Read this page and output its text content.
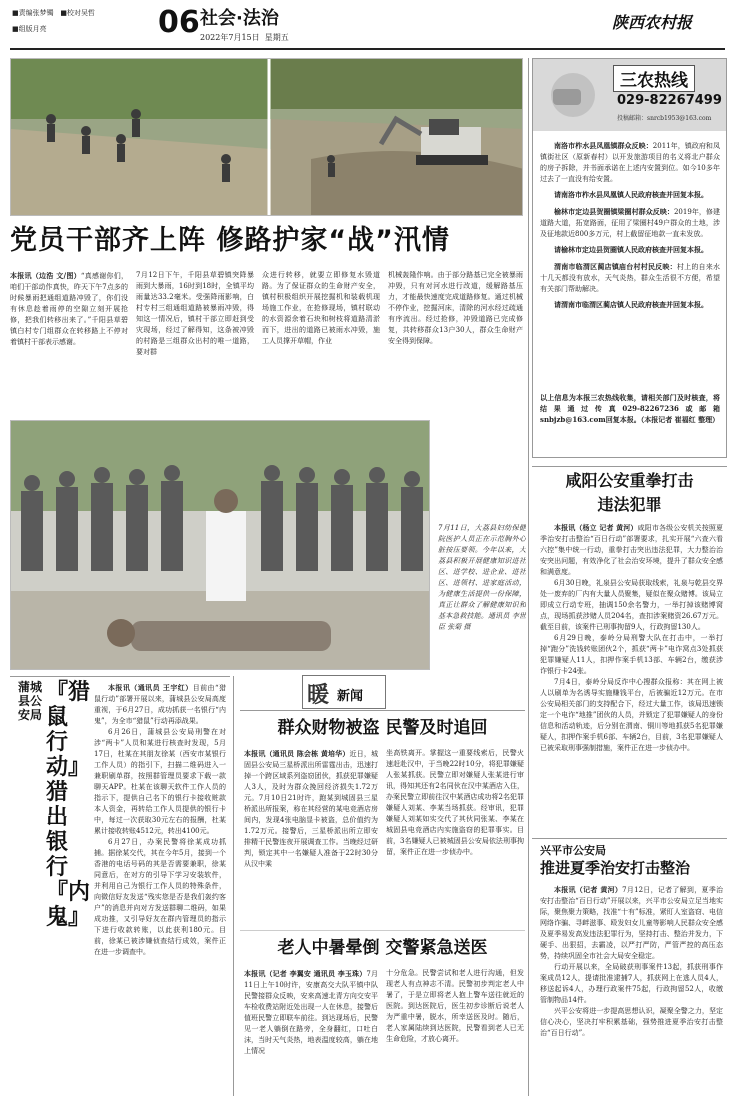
■责编张梦镯 ■校对吴哲
■组版月亮	06 社会·法治
2022年7月15日 星期五
陕西农村报
党员干部齐上阵 修路护家“战”汛情
本报讯（边浩 文/图）“真感谢你们，咱们干部动作真快，昨天下午7点多的时候暴雨把通组道路冲毁了，你们没有休息趁着雨停的空隙立刻开展抢修，把我们转移出来了。”千阳县草碧镇白村专门组群众在转移路上不停对着镇村干部表示感谢。
7月12日下午，千阳县草碧镇突降暴雨到大暴雨，16时到18时，全镇平均雨量达33.2毫米。受强降雨影响，白村专村三组通组道路被暴雨冲毁，得知这一情况后，镇村干部立即赶到受灾现场，经过了解得知，这条被冲毁的村路是三组群众出村的唯一道路，要对群
众进行转移，就要立即修复水毁道路。为了保证群众的生命财产安全，镇村积极组织开展挖掘机和装载机现场施工作业，在抢修现场，镇村联动的水资源余着石块和树枝将道路清淤而下，进出的道路已被雨水冲毁，施工人员撑开草帽，作业
机械轰隆作响。由于部分路基已完全被暴雨冲毁，只有对河水进行改道，缓解路基压力，才能最快速度完成道路修复。通过机械不停作业，挖掘河床，清除的河水经过疏通有序流出。经过抢修，冲毁道路已完成修复，共转移群众13户30人，群众生命财产安全得到保障。
三农热线
029-82267499
投稿邮箱：snrcb1953@163.com

南洛市柞水县凤凰镇群众反映：2011年，镇政府和凤镇街社区（原新春村）以开发旅游项目的名义将北户群众的房子拆除，并书面承诺在上述内安置到位。如今10多年过去了一直没有给安置。

请南洛市柞水县凤凰镇人民政府核查并回复本报。

榆林市定边县贺圈镇梁圈村群众反映：2019年，修建道路大道，拓宽路面，征用了梁圈村49户群众的土地，涉及征地款近800多万元，村上截留征地款一直未发放。

请榆林市定边县贺圈镇人民政府核查并回复本报。

渭南市临渭区蔺店镇庙台村村民反映：村上的自来水十几天都没有放水，天气炎热，群众生活很不方便，希望有关部门帮助解决。

请渭南市临渭区蔺店镇人民政府核查并回复本报。

以上信息为本报三农热线收集，请相关部门及时核查，将结果通过传真029-82267236或邮箱snbjzb@163.com回复本报。（本报记者 崔福红 整理）
7月11日，大荔县妇幼保健院医护人员正在示范胸外心脏按压要领。今年以来，大荔县积极开展健康知识进社区、进学校、进企业、进社区、进领村、进家庭活动，为健康生活提供一份保障，真正让群众了解健康知识和基本急救技能。通讯员 李世臣 张菊 摄
咸阳公安重拳打击
违法犯罪

本报讯（杨立 记者 黄河）咸阳市各级公安机关按照夏季治安打击整治“百日行动”部署要求，扎实开展“六查六看六控”集中统一行动，重拳打击突出违法犯罪，大力整治治安突出问题，有效净化了社会治安环境，提升了群众安全感和满意度。

6月30日晚，礼泉县公安局获取线索，礼泉与乾县交界处一废弃的厂内有大量人员聚集，疑似在聚众赌博。该局立即成立行动专班，抽调150余名警力，一举打掉该赌博窝点，现场抓获涉赌人员204名，查扣涉案赌资26.67万元。截至目前，该案件已刑事拘留9人，行政拘留130人。

6月29日晚，泰岭分局刑警大队在打击中，一举打掉“跑分”洗钱转账团伙2个，抓获“两卡”电诈窝点3处抓获犯罪嫌疑人11人，扣押作案手机13部、车辆2台，缴获涉诈银行卡24张。

7月4日，泰岭分局反诈中心搜群众报称：其在网上被人以刷单为名诱导实施赚钱平台，后被骗近12万元。在市公安局相关部门的支持配合下，经过大量工作，该局迅速锁定一个电诈“地推”团伙的人员，并锁定了犯罪嫌疑人的身份信息和活动轨迹，后分别在渭南、铜川等地抓获5名犯罪嫌疑人，扣押作案手机6部、车辆2台，目前，3名犯罪嫌疑人已被采取刑事强制措施，案件正在进一步侦办中。

兴平市公安局
推进夏季治安打击整治

本报讯（记者 黄河）7月12日，记者了解到，夏季治安打击整治“百日行动”开展以来，兴平市公安局立足当地实际，聚焦聚力策略，找准“十有”标准，紧盯人室盗窃、电信网络诈骗、寻衅滋事、殴发妇女儿童等影响人民群众安全感及夏季易发高发违法犯罪行为，坚持打击、整治并发力，下硬手、出狠招，去霸凌，以严打严防，严管严控的高压态势，持续巩固全市社会大局安全稳定。

行动开展以来，全局破获刑事案件13起，抓获刑事作案成员12人，提请批准逮捕7人，抓获网上在逃人员4人，移送起诉4人，办理行政案件75起，行政拘留52人，收缴管制物品14件。

兴平公安将进一步提高思想认识，凝聚全警之力，坚定信心决心，坚决打牢积累基础，强势推进夏季治安打击整治“百日行动”。

蒲城县公安局
『猎鼠行动』猎出银行『内鬼』

本报讯（通讯员 王宇红）目前由“猎鼠行动”部署开展以来，蒲城县公安局高度重视，于6月27日，成功抓获一名银行“内鬼”，为全市“猎鼠”行动再添战果。

6月26日，蒲城县公安局刑警在对涉“两卡”人员和某进行核查时发现，5月17日，杜某在其朋友徐某（西安市某银行工作人员）的指引下，扫描二维码进入一兼职刷单群，按照群管理员要求下载一款聊天APP。杜某在该聊天软件工作人员的指示下，提供自己名下的银行卡接收赃款本人资金，再转给工作人员提供的银行卡中，每过一次获取30元左右的报酬，杜某累计接收转账4512元，转出4100元。

6月27日，办案民警将徐某成功抓捕。据徐某交代，其在今年5月，接到一个香港的电话号码的其是否需要兼职，徐某同意后，在对方的引导下学习安装软件，并利用自己为银行工作人员的特殊条件，向微信好友发送“残实您是否是我们轰约客户”的消息并向对方发送群聊二维码，如果成功推，又引导好友在群内管理员的指示下进行收款转账，以此获利180元。目前，徐某已被涉嫌侦查结行成效，案件正在进一步调查中。

暖 新闻
群众财物被盗 民警及时追回
本报讯（通讯员 陈会栋 黄培华）近日，城固县公安局三星桥派出所雷霆出击，迅速打掉一个跨区域系列盗窃团伙，抓获犯罪嫌疑人3人，及时为群众挽回经济损失1.72万元。7月10日21时许，跑某到城固县三星桥派出所报案，称在其经营的某电竞酒店房间内，发现4张电脑显卡被盗，总价值约为1.72万元。接警后，三星桥派出所立即安排精干民警连夜开展调查工作。当晚经过研判，锁定其中一名嫌疑人准备于22时30分从汉中乘
坐高铁离开。掌握这一重要线索后，民警火速赶赴汉中，于当晚22时10分，将犯罪嫌疑人张某抓获。民警立即对嫌疑人张某进行审讯，得知其还有2名同伙在汉中某酒店入住，办案民警立即前往汉中某酒店成功将2名犯罪嫌疑人刘某、李某当场抓获。经审讯，犯罪嫌疑人刘某如实交代了其伙同张某、李某在城固县电竞酒店内实施盗窃的犯罪事实。目前，3名嫌疑人已被城固县公安局依法刑事拘留，案件正在进一步侦办中。
老人中暑晕倒 交警紧急送医
本报讯（记者 李翼安 通讯员 李玉珠）7月11日上午10时许，安康高交大队平镇中队民警接群众反映，安来高速北青方向交安平车检收费站附近处出现一人在休息，接警后值班民警立即联车前往。到达现场后，民警见一老人躺倒在路旁，全身翻红，口吐白沫，当时天气炎热，地表温度较高，躺在地上情况
十分危急。民警尝试和老人进行沟通，但发现老人有点神志不清。民警初步判定老人中暑了，于是立即将老人抱上警车送往就近的医院。到达医院后，医生初步诊断后说老人为严重中暑，脱水，所幸送医及时。随后，老人家属陆续到达医院，民警看到老人已无生命危险，才放心离开。
